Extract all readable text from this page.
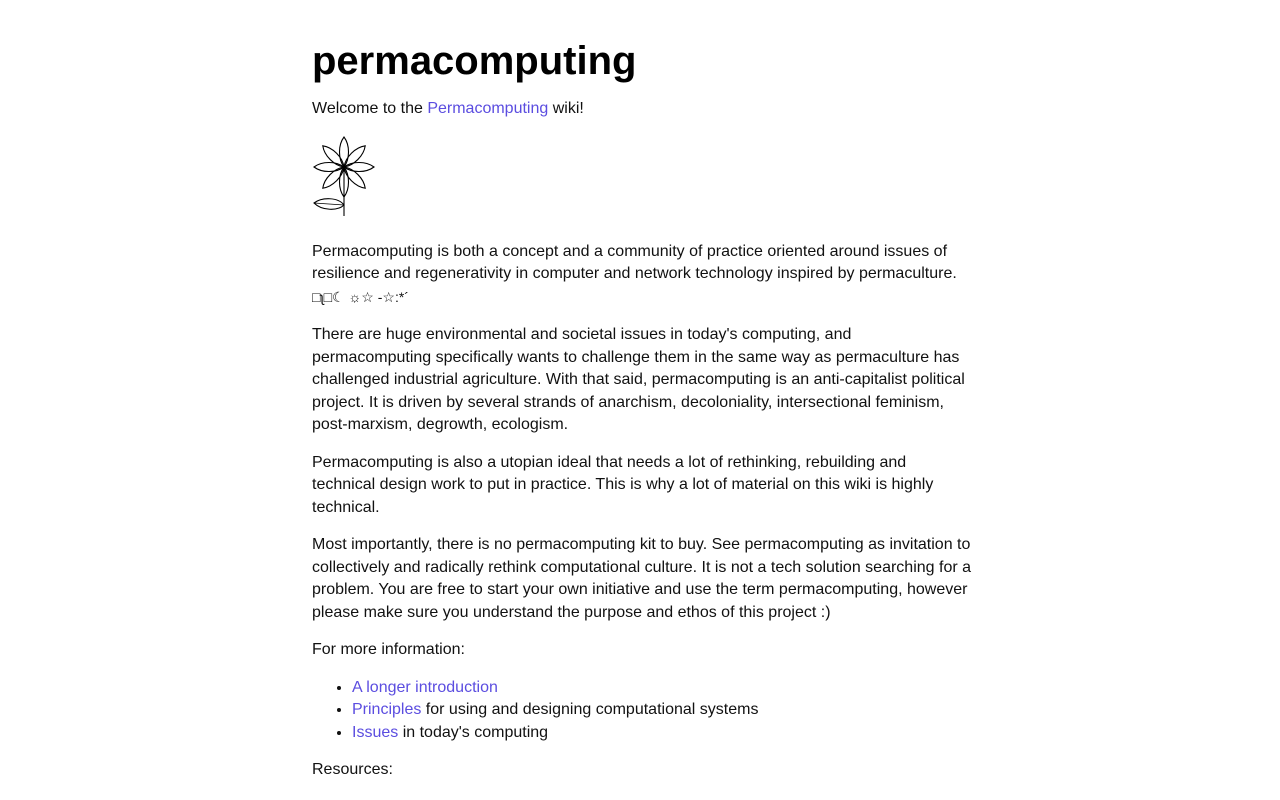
permacomputing

Welcome to the Permacomputing wiki!

Permacomputing is both a concept and a community of practice oriented around issues of resilience and regenerativity in computer and network technology inspired by permaculture.
□ʅ□☾ ☼☆ -☆:*´

There are huge environmental and societal issues in today's computing, and permacomputing specifically wants to challenge them in the same way as permaculture has challenged industrial agriculture. With that said, permacomputing is an anti-capitalist political project. It is driven by several strands of anarchism, decoloniality, intersectional feminism, post-marxism, degrowth, ecologism.

Permacomputing is also a utopian ideal that needs a lot of rethinking, rebuilding and technical design work to put in practice. This is why a lot of material on this wiki is highly technical.

Most importantly, there is no permacomputing kit to buy. See permacomputing as invitation to collectively and radically rethink computational culture. It is not a tech solution searching for a problem. You are free to start your own initiative and use the term permacomputing, however please make sure you understand the purpose and ethos of this project :)

For more information:

• A longer introduction
• Principles for using and designing computational systems
• Issues in today's computing

Resources:
